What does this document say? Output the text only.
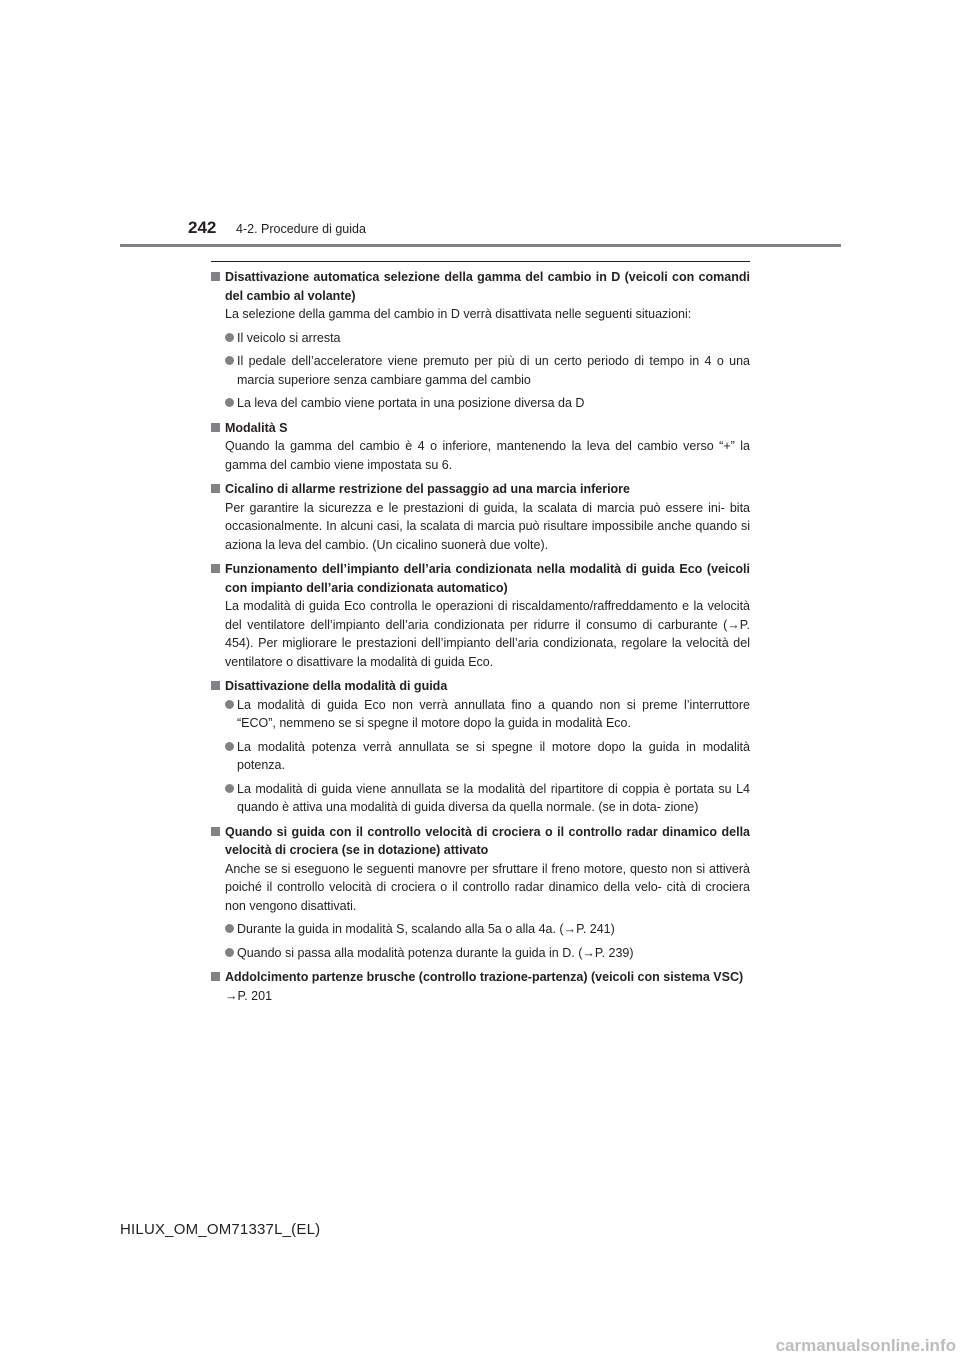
242 4-2. Procedure di guida
Disattivazione automatica selezione della gamma del cambio in D (veicoli con comandi del cambio al volante)
La selezione della gamma del cambio in D verrà disattivata nelle seguenti situazioni:
Il veicolo si arresta
Il pedale dell’acceleratore viene premuto per più di un certo periodo di tempo in 4 o una marcia superiore senza cambiare gamma del cambio
La leva del cambio viene portata in una posizione diversa da D
Modalità S
Quando la gamma del cambio è 4 o inferiore, mantenendo la leva del cambio verso “+” la gamma del cambio viene impostata su 6.
Cicalino di allarme restrizione del passaggio ad una marcia inferiore
Per garantire la sicurezza e le prestazioni di guida, la scalata di marcia può essere ini- bita occasionalmente. In alcuni casi, la scalata di marcia può risultare impossibile anche quando si aziona la leva del cambio. (Un cicalino suonerà due volte).
Funzionamento dell’impianto dell’aria condizionata nella modalità di guida Eco (veicoli con impianto dell’aria condizionata automatico)
La modalità di guida Eco controlla le operazioni di riscaldamento/raffreddamento e la velocità del ventilatore dell’impianto dell’aria condizionata per ridurre il consumo di carburante (→P. 454). Per migliorare le prestazioni dell’impianto dell’aria condizionata, regolare la velocità del ventilatore o disattivare la modalità di guida Eco.
Disattivazione della modalità di guida
La modalità di guida Eco non verrà annullata fino a quando non si preme l’interruttore “ECO”, nemmeno se si spegne il motore dopo la guida in modalità Eco.
La modalità potenza verrà annullata se si spegne il motore dopo la guida in modalità potenza.
La modalità di guida viene annullata se la modalità del ripartitore di coppia è portata su L4 quando è attiva una modalità di guida diversa da quella normale. (se in dota- zione)
Quando si guida con il controllo velocità di crociera o il controllo radar dinamico della velocità di crociera (se in dotazione) attivato
Anche se si eseguono le seguenti manovre per sfruttare il freno motore, questo non si attiverà poiché il controllo velocità di crociera o il controllo radar dinamico della velo- cità di crociera non vengono disattivati.
Durante la guida in modalità S, scalando alla 5a o alla 4a. (→P. 241)
Quando si passa alla modalità potenza durante la guida in D. (→P. 239)
Addolcimento partenze brusche (controllo trazione-partenza) (veicoli con sistema VSC)
→P. 201
HILUX_OM_OM71337L_(EL)
carmanualsonline.info
